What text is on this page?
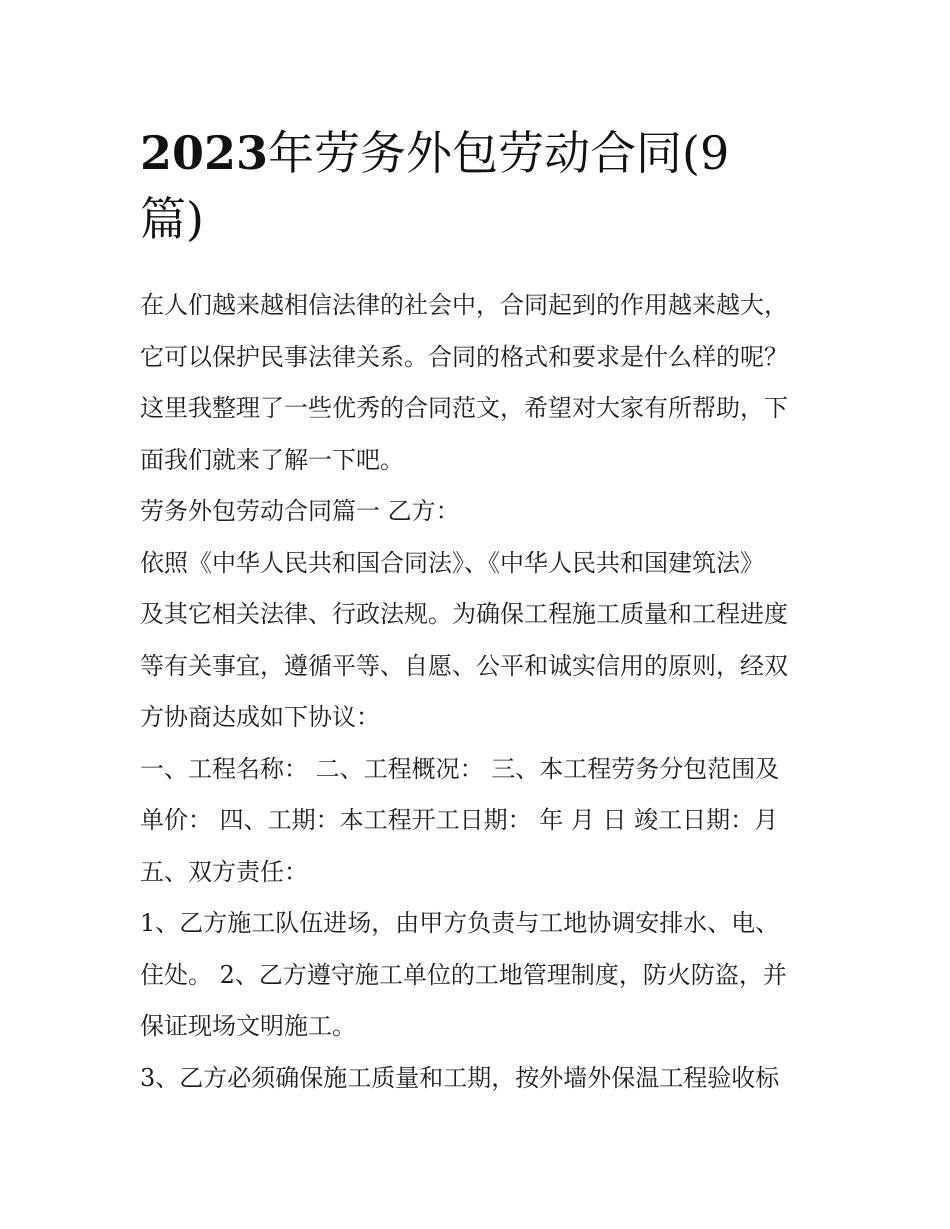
2023年劳务外包劳动合同(9
篇)
在人们越来越相信法律的社会中，合同起到的作用越来越大，
它可以保护民事法律关系。合同的格式和要求是什么样的呢？
这里我整理了一些优秀的合同范文，希望对大家有所帮助，下
面我们就来了解一下吧。
劳务外包劳动合同篇一 乙方：
依照《中华人民共和国合同法》、《中华人民共和国建筑法》
及其它相关法律、行政法规。为确保工程施工质量和工程进度
等有关事宜，遵循平等、自愿、公平和诚实信用的原则，经双
方协商达成如下协议：
一、工程名称： 二、工程概况： 三、本工程劳务分包范围及
单价： 四、工期：本工程开工日期： 年 月 日 竣工日期：月
五、双方责任：
1、乙方施工队伍进场，由甲方负责与工地协调安排水、电、
住处。 2、乙方遵守施工单位的工地管理制度，防火防盗，并
保证现场文明施工。
3、乙方必须确保施工质量和工期，按外墙外保温工程验收标
